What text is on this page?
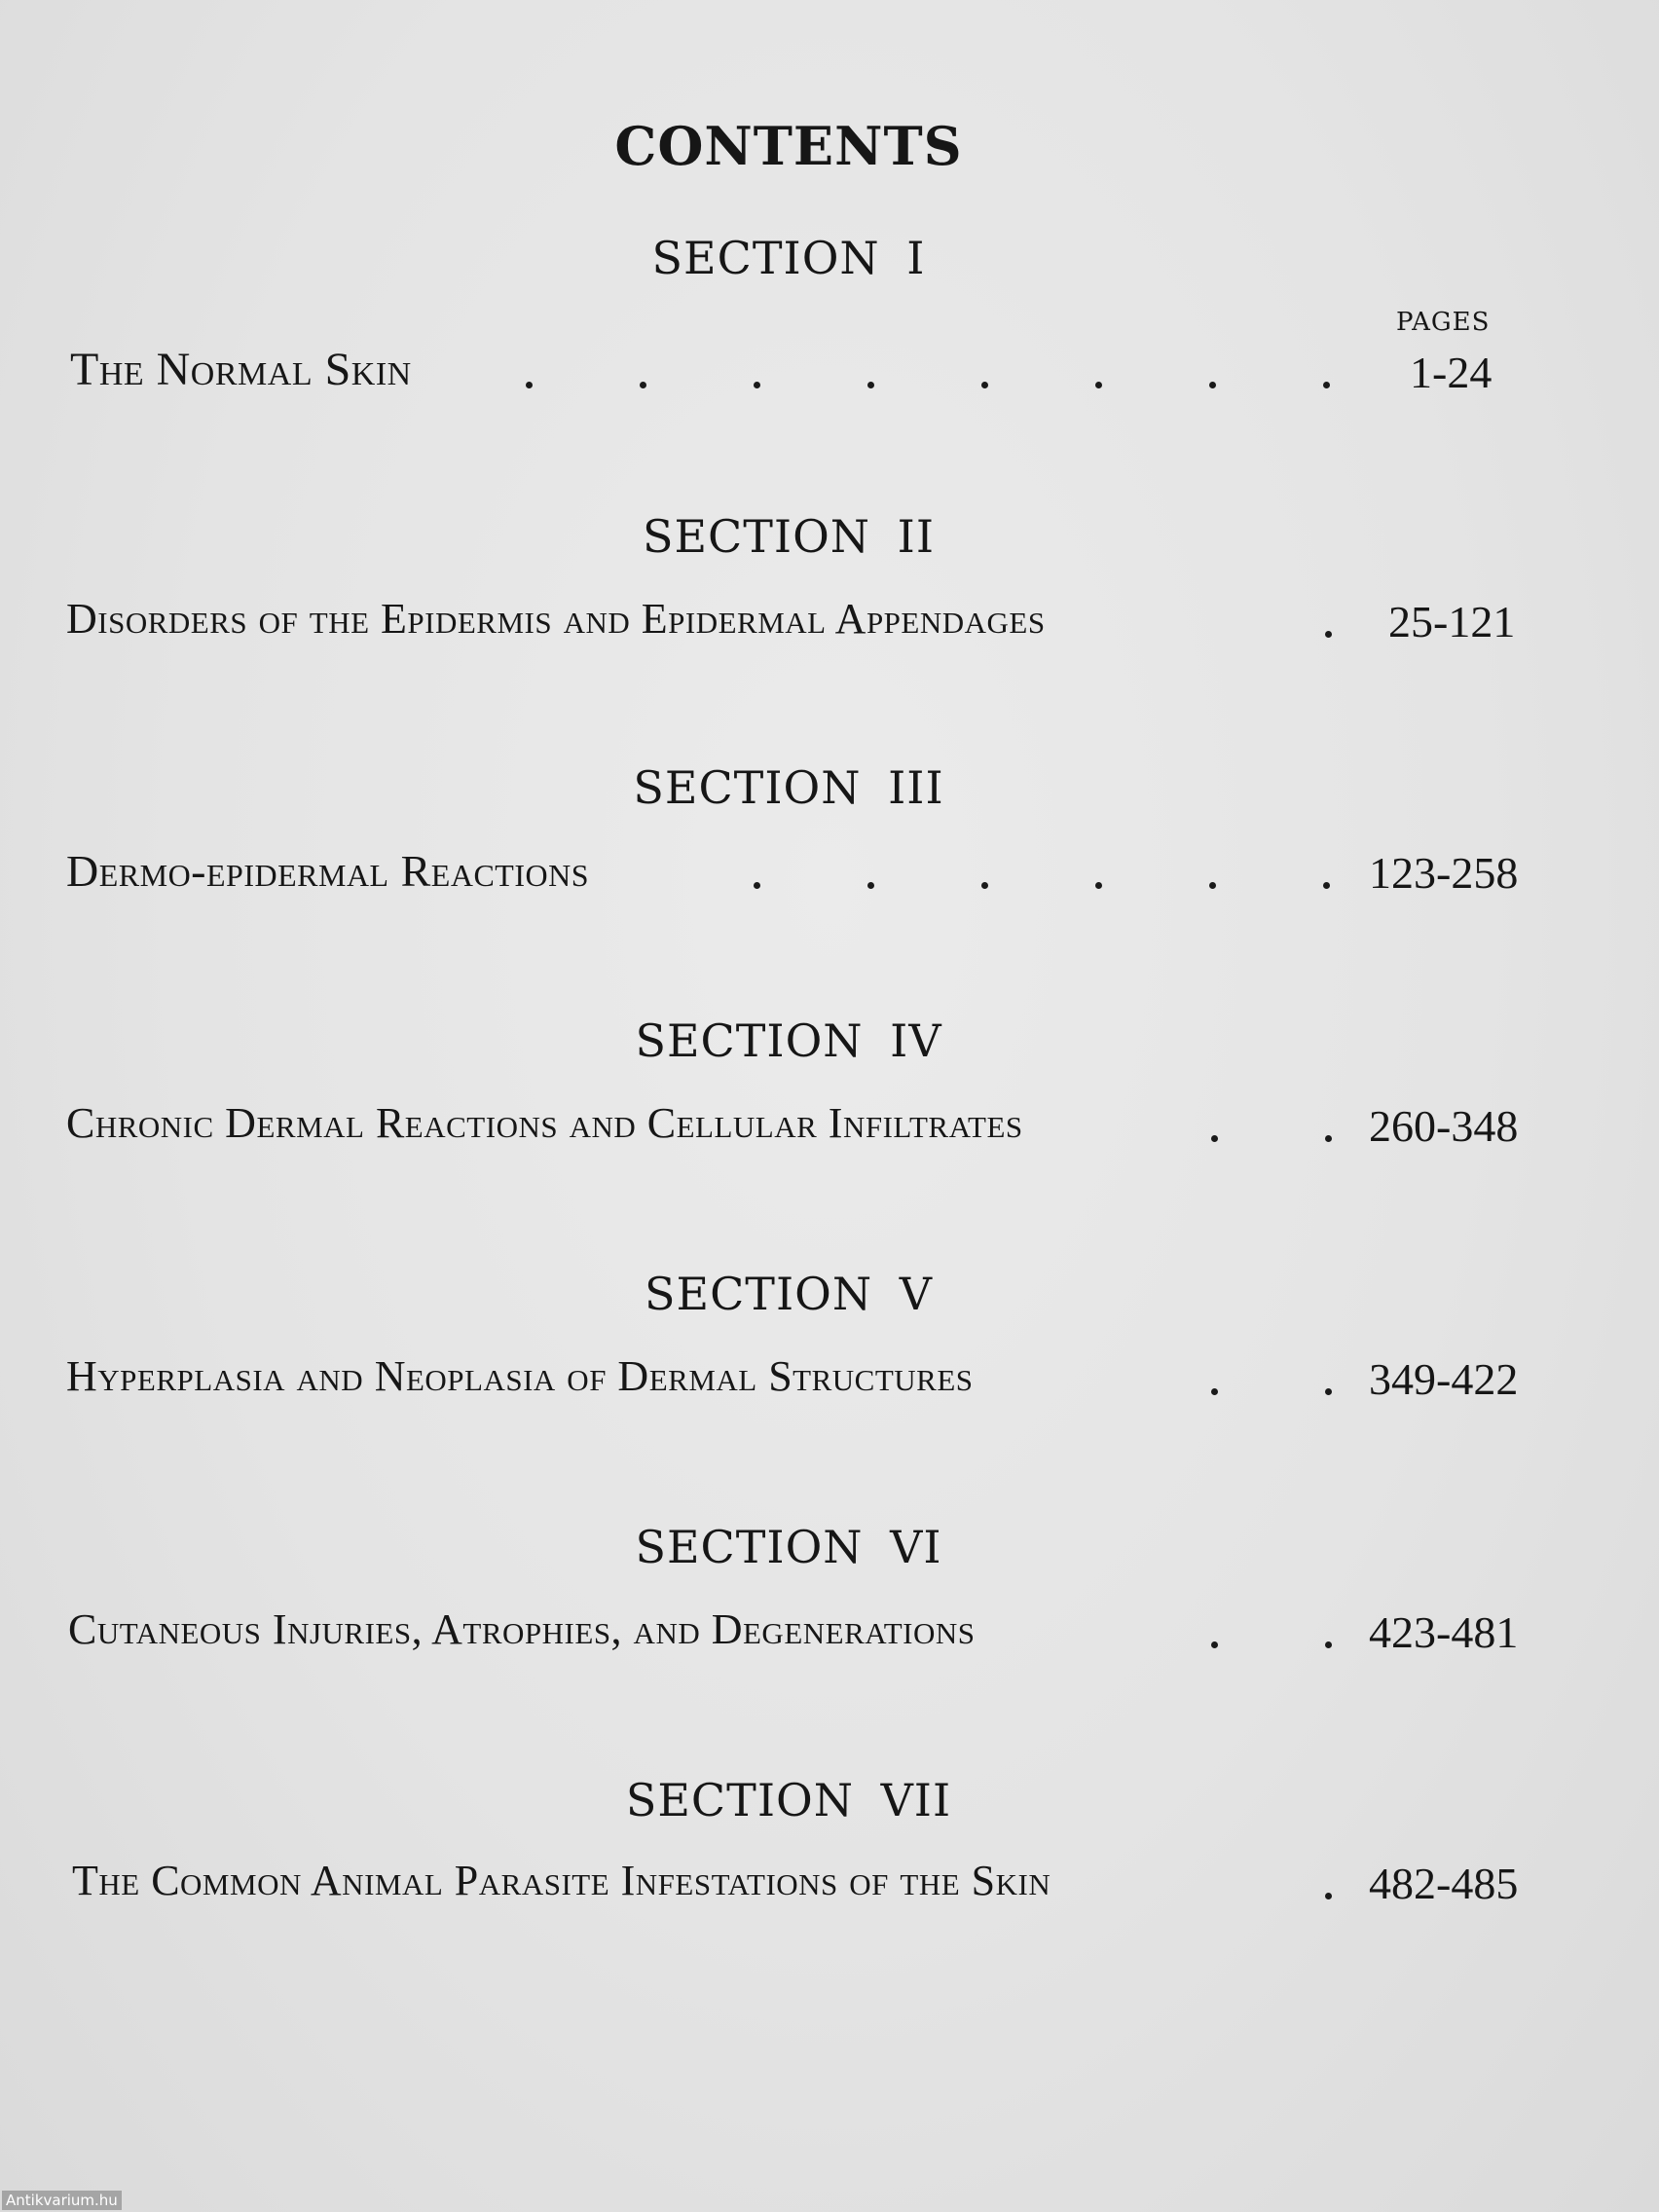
CONTENTS
SECTION I
PAGES
The Normal Skin	1-24
SECTION II
Disorders of the Epidermis and Epidermal Appendages	25-121
SECTION III
Dermo-epidermal Reactions	123-258
SECTION IV
Chronic Dermal Reactions and Cellular Infiltrates	260-348
SECTION V
Hyperplasia and Neoplasia of Dermal Structures	349-422
SECTION VI
Cutaneous Injuries, Atrophies, and Degenerations	423-481
SECTION VII
The Common Animal Parasite Infestations of the Skin	482-485
Antikvarium.hu
